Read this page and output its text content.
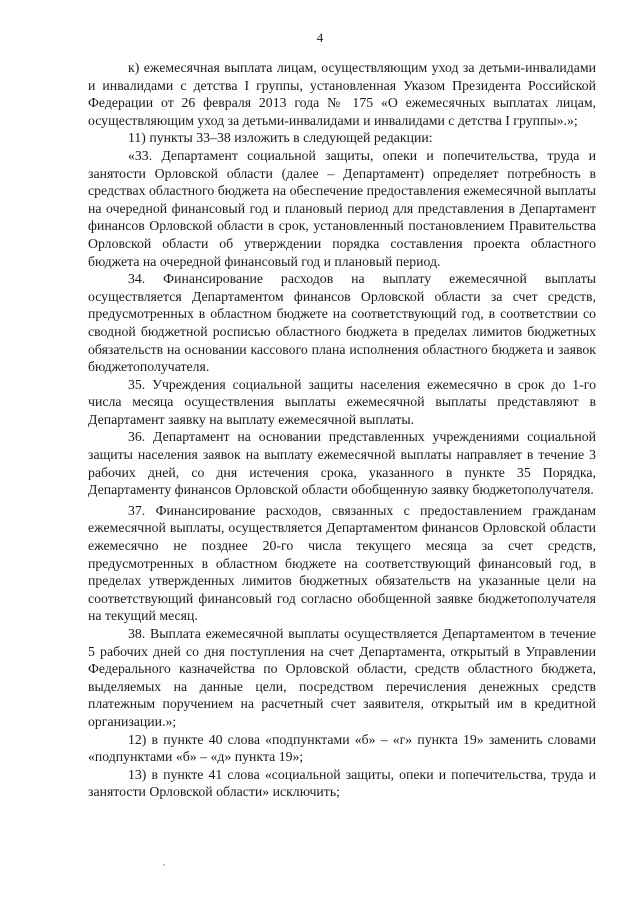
4

к) ежемесячная выплата лицам, осуществляющим уход за детьми-инвалидами и инвалидами с детства I группы, установленная Указом Президента Российской Федерации от 26 февраля 2013 года № 175 «О ежемесячных выплатах лицам, осуществляющим уход за детьми-инвалидами и инвалидами с детства I группы».»;

11) пункты 33–38 изложить в следующей редакции:

«33. Департамент социальной защиты, опеки и попечительства, труда и занятости Орловской области (далее – Департамент) определяет потребность в средствах областного бюджета на обеспечение предоставления ежемесячной выплаты на очередной финансовый год и плановый период для представления в Департамент финансов Орловской области в срок, установленный постановлением Правительства Орловской области об утверждении порядка составления проекта областного бюджета на очередной финансовый год и плановый период.

34. Финансирование расходов на выплату ежемесячной выплаты осуществляется Департаментом финансов Орловской области за счет средств, предусмотренных в областном бюджете на соответствующий год, в соответствии со сводной бюджетной росписью областного бюджета в пределах лимитов бюджетных обязательств на основании кассового плана исполнения областного бюджета и заявок бюджетополучателя.

35. Учреждения социальной защиты населения ежемесячно в срок до 1-го числа месяца осуществления выплаты ежемесячной выплаты представляют в Департамент заявку на выплату ежемесячной выплаты.

36. Департамент на основании представленных учреждениями социальной защиты населения заявок на выплату ежемесячной выплаты направляет в течение 3 рабочих дней, со дня истечения срока, указанного в пункте 35 Порядка, Департаменту финансов Орловской области обобщенную заявку бюджетополучателя.

37. Финансирование расходов, связанных с предоставлением гражданам ежемесячной выплаты, осуществляется Департаментом финансов Орловской области ежемесячно не позднее 20-го числа текущего месяца за счет средств, предусмотренных в областном бюджете на соответствующий финансовый год, в пределах утвержденных лимитов бюджетных обязательств на указанные цели на соответствующий финансовый год согласно обобщенной заявке бюджетополучателя на текущий месяц.

38. Выплата ежемесячной выплаты осуществляется Департаментом в течение 5 рабочих дней со дня поступления на счет Департамента, открытый в Управлении Федерального казначейства по Орловской области, средств областного бюджета, выделяемых на данные цели, посредством перечисления денежных средств платежным поручением на расчетный счет заявителя, открытый им в кредитной организации.»;

12) в пункте 40 слова «подпунктами «б» – «г» пункта 19» заменить словами «подпунктами «б» – «д» пункта 19»;

13) в пункте 41 слова «социальной защиты, опеки и попечительства, труда и занятости Орловской области» исключить;
